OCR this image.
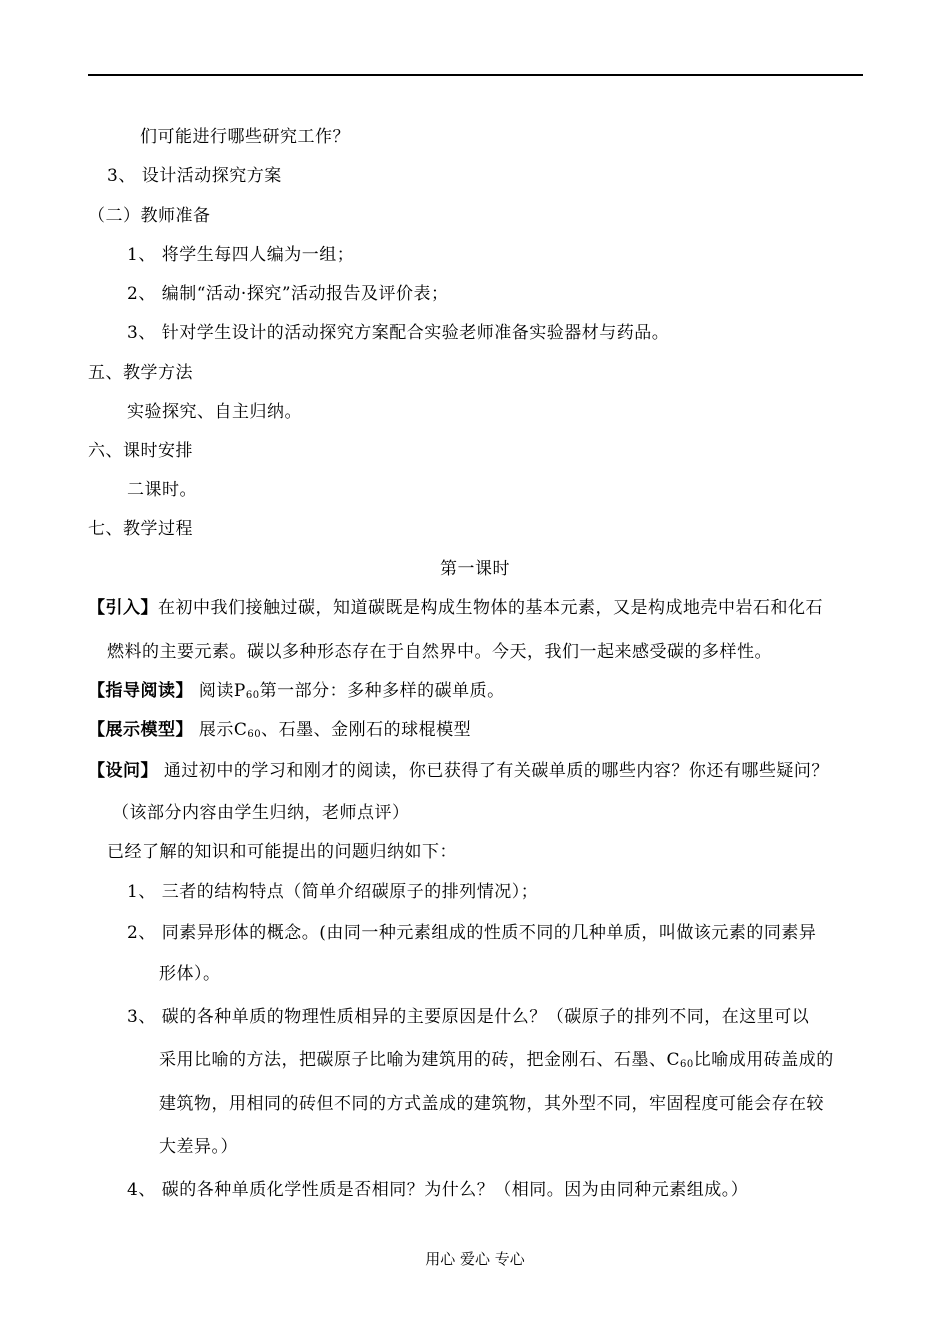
们可能进行哪些研究工作？
3、 设计活动探究方案
（二）教师准备
1、 将学生每四人编为一组；
2、 编制“活动·探究”活动报告及评价表；
3、 针对学生设计的活动探究方案配合实验老师准备实验器材与药品。
五、教学方法
实验探究、自主归纳。
六、课时安排
二课时。
七、教学过程
第一课时
【引入】在初中我们接触过碳，知道碳既是构成生物体的基本元素，又是构成地壳中岩石和化石
燃料的主要元素。碳以多种形态存在于自然界中。今天，我们一起来感受碳的多样性。
【指导阅读】 阅读$P_{60}$第一部分：多种多样的碳单质。
【展示模型】 展示$C_{60}$、石墨、金刚石的球棍模型
【设问】 通过初中的学习和刚才的阅读，你已获得了有关碳单质的哪些内容？你还有哪些疑问？
（该部分内容由学生归纳，老师点评）
已经了解的知识和可能提出的问题归纳如下：
1、 三者的结构特点（简单介绍碳原子的排列情况）；
2、 同素异形体的概念。(由同一种元素组成的性质不同的几种单质，叫做该元素的同素异
形体）。
3、 碳的各种单质的物理性质相异的主要原因是什么？（碳原子的排列不同，在这里可以
采用比喻的方法，把碳原子比喻为建筑用的砖，把金刚石、石墨、$C_{60}$比喻成用砖盖成的
建筑物，用相同的砖但不同的方式盖成的建筑物，其外型不同，牢固程度可能会存在较
大差异。）
4、 碳的各种单质化学性质是否相同？为什么？（相同。因为由同种元素组成。）
用心 爱心 专心
